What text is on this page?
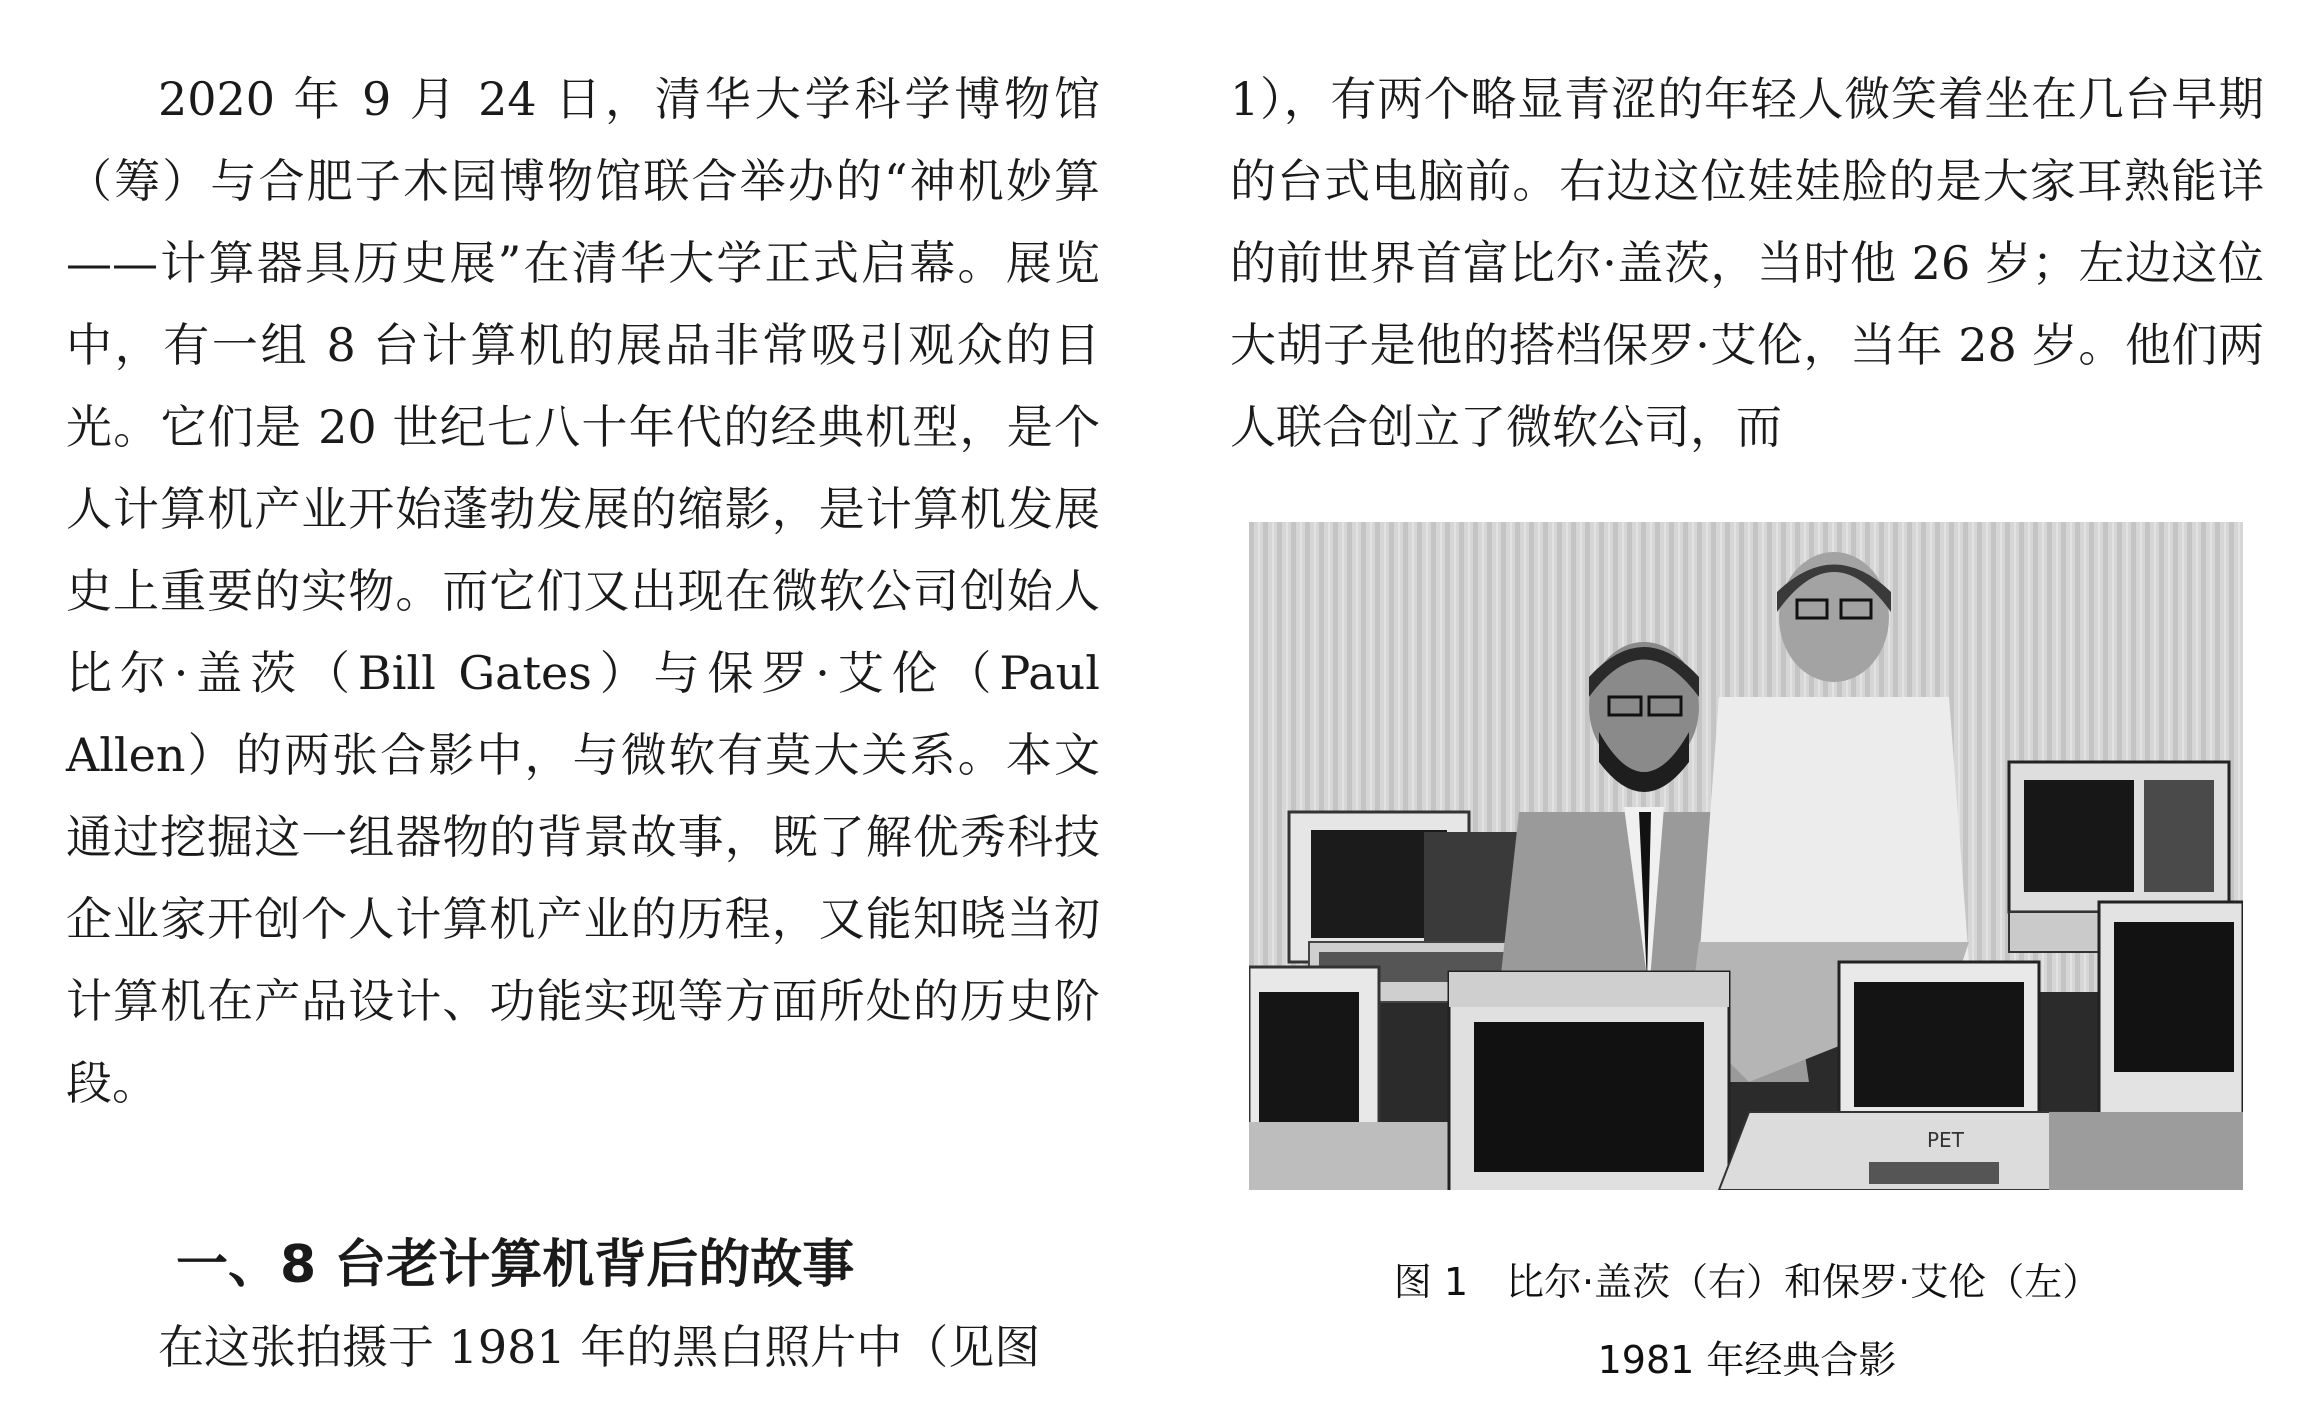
2020 年 9 月 24 日，清华大学科学博物馆（筹）与合肥子木园博物馆联合举办的“神机妙算——计算器具历史展”在清华大学正式启幕。展览中，有一组 8 台计算机的展品非常吸引观众的目光。它们是 20 世纪七八十年代的经典机型，是个人计算机产业开始蓬勃发展的缩影，是计算机发展史上重要的实物。而它们又出现在微软公司创始人比尔·盖茨（Bill Gates）与保罗·艾伦（Paul Allen）的两张合影中，与微软有莫大关系。本文通过挖掘这一组器物的背景故事，既了解优秀科技企业家开创个人计算机产业的历程，又能知晓当初计算机在产品设计、功能实现等方面所处的历史阶段。

一、8 台老计算机背后的故事

在这张拍摄于 1981 年的黑白照片中（见图

1），有两个略显青涩的年轻人微笑着坐在几台早期的台式电脑前。右边这位娃娃脸的是大家耳熟能详的前世界首富比尔·盖茨，当时他 26 岁；左边这位大胡子是他的搭档保罗·艾伦，当年 28 岁。他们两人联合创立了微软公司，而

PET

图 1　比尔·盖茨（右）和保罗·艾伦（左）

1981 年经典合影
